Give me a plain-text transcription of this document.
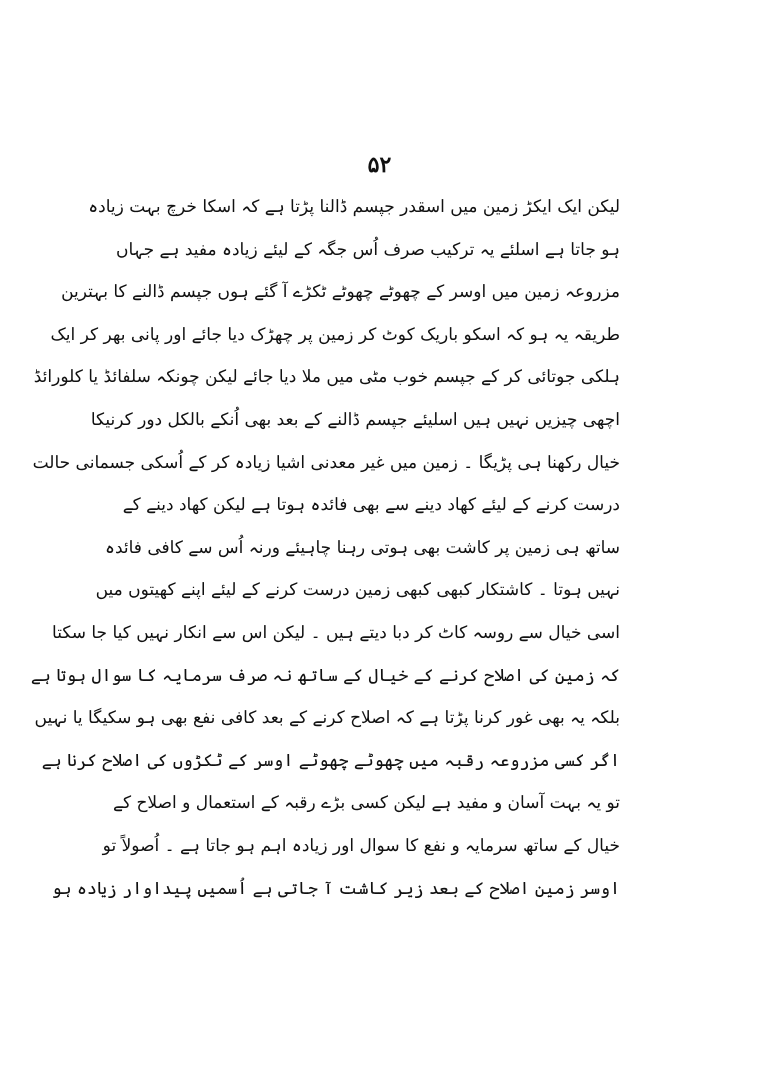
۵۲
لیکن ایک ایکڑ زمین میں اسقدر جپسم ڈالنا پڑتا ہے کہ اسکا خرچ بہت زیادہ
ہو جاتا ہے اسلئے یہ ترکیب صرف اُس جگہ کے لیئے زیادہ مفید ہے جہاں
مزروعہ زمین میں اوسر کے چھوٹے چھوٹے ٹکڑے آ گئے ہوں جپسم ڈالنے کا بہترین
طریقہ یہ ہو کہ اسکو باریک کوٹ کر زمین پر چھڑک دیا جائے اور پانی بھر کر ایک
ہلکی جوتائی کر کے جپسم خوب مٹی میں ملا دیا جائے لیکن چونکہ سلفائڈ یا کلورائڈ
اچھی چیزیں نہیں ہیں اسلیئے جپسم ڈالنے کے بعد بھی اُنکے بالکل دور کرنیکا
خیال رکھنا ہی پڑیگا ۔ زمین میں غیر معدنی اشیا زیادہ کر کے اُسکی جسمانی حالت
درست کرنے کے لیئے کھاد دینے سے بھی فائدہ ہوتا ہے لیکن کھاد دینے کے
ساتھ ہی زمین پر کاشت بھی ہوتی رہنا چاہیئے ورنہ اُس سے کافی فائدہ
نہیں ہوتا ۔ کاشتکار کبھی کبھی زمین درست کرنے کے لیئے اپنے کھیتوں میں
اسی خیال سے روسہ کاٹ کر دبا دیتے ہیں ۔ لیکن اس سے انکار نہیں کیا جا سکتا
کہ زمین کی اصلاح کرنے کے خیال کے ساتھ نہ صرف سرمایہ کا سوال ہوتا ہے
بلکہ یہ بھی غور کرنا پڑتا ہے کہ اصلاح کرنے کے بعد کافی نفع بھی ہو سکیگا یا نہیں
اگر کسی مزروعہ رقبہ میں چھوٹے چھوٹے اوسر کے ٹکڑوں کی اصلاح کرنا ہے
تو یہ بہت آسان و مفید ہے لیکن کسی بڑے رقبہ کے استعمال و اصلاح کے
خیال کے ساتھ سرمایہ و نفع کا سوال اور زیادہ اہم ہو جاتا ہے ۔ اُصولاً تو
اوسر زمین اصلاح کے بعد زیر کاشت آ جاتی ہے اُسمیں پیداوار زیادہ ہو
